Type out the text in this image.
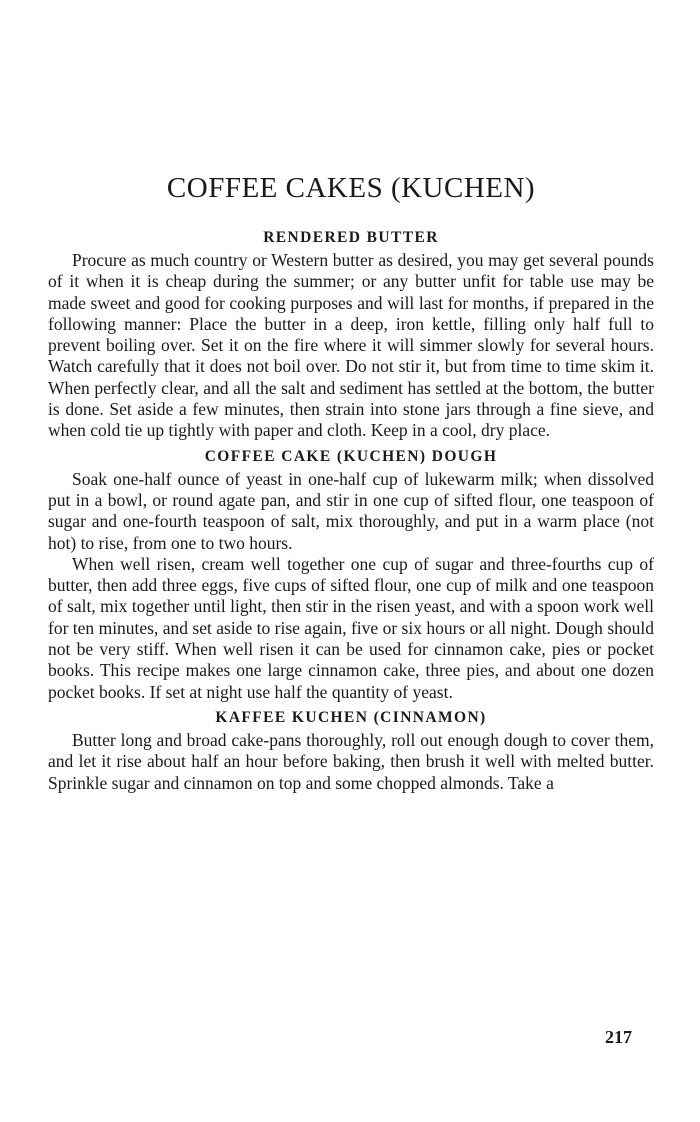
COFFEE CAKES (KUCHEN)
RENDERED BUTTER

Procure as much country or Western butter as desired, you may get several pounds of it when it is cheap during the summer; or any butter unfit for table use may be made sweet and good for cooking purposes and will last for months, if prepared in the following manner: Place the butter in a deep, iron kettle, filling only half full to prevent boiling over. Set it on the fire where it will simmer slowly for several hours. Watch carefully that it does not boil over. Do not stir it, but from time to time skim it. When perfectly clear, and all the salt and sediment has settled at the bottom, the butter is done. Set aside a few minutes, then strain into stone jars through a fine sieve, and when cold tie up tightly with paper and cloth. Keep in a cool, dry place.

COFFEE CAKE (KUCHEN) DOUGH

Soak one-half ounce of yeast in one-half cup of lukewarm milk; when dissolved put in a bowl, or round agate pan, and stir in one cup of sifted flour, one teaspoon of sugar and one-fourth teaspoon of salt, mix thoroughly, and put in a warm place (not hot) to rise, from one to two hours.

When well risen, cream well together one cup of sugar and three-fourths cup of butter, then add three eggs, five cups of sifted flour, one cup of milk and one teaspoon of salt, mix together until light, then stir in the risen yeast, and with a spoon work well for ten minutes, and set aside to rise again, five or six hours or all night. Dough should not be very stiff. When well risen it can be used for cinnamon cake, pies or pocket books. This recipe makes one large cinnamon cake, three pies, and about one dozen pocket books. If set at night use half the quantity of yeast.

KAFFEE KUCHEN (CINNAMON)

Butter long and broad cake-pans thoroughly, roll out enough dough to cover them, and let it rise about half an hour before baking, then brush it well with melted butter. Sprinkle sugar and cinnamon on top and some chopped almonds. Take a

217
